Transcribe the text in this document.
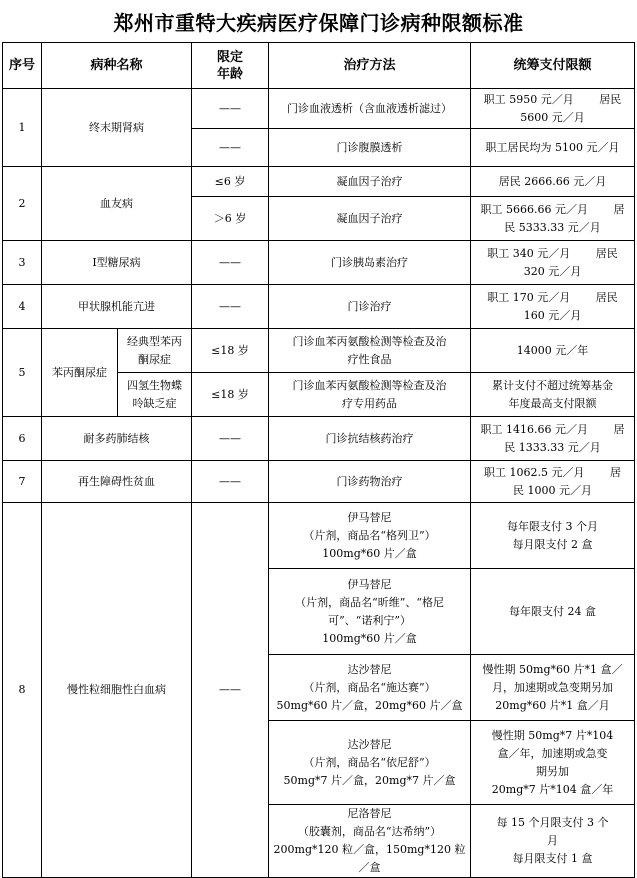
郑州市重特大疾病医疗保障门诊病种限额标准
序号	病种名称		限定
年龄	治疗方法	统筹支付限额
1	终末期肾病		——	门诊血液透析（含血液透析滤过）	职工 5950 元／月　　 居民
5600 元／月
			——	门诊腹膜透析	职工居民均为 5100 元／月
2	血友病		≤6 岁	凝血因子治疗	居民 2666.66 元／月
			＞6 岁	凝血因子治疗	职工 5666.66 元／月　　 居
民 5333.33 元／月
3	Ⅰ型糖尿病		——	门诊胰岛素治疗	职工 340 元／月　　 居民
320 元／月
4	甲状腺机能亢进		——	门诊治疗	职工 170 元／月　　 居民
160 元／月
5	苯丙酮尿症	经典型苯丙
酮尿症	≤18 岁	门诊血苯丙氨酸检测等检查及治
疗性食品	14000 元／年
		四氢生物蝶
呤缺乏症	≤18 岁	门诊血苯丙氨酸检测等检查及治
疗专用药品	累计支付不超过统筹基金
年度最高支付限额
6	耐多药肺结核		——	门诊抗结核药治疗	职工 1416.66 元／月　　 居
民 1333.33 元／月
7	再生障碍性贫血		——	门诊药物治疗	职工 1062.5 元／月　　 居
民 1000 元／月
8	慢性粒细胞性白血病		——	伊马替尼
（片剂，商品名“格列卫”）
100mg*60 片／盒	每年限支付 3 个月
每月限支付 2 盒
				伊马替尼
（片剂，商品名“昕维”、“格尼
可”、“诺利宁”）
100mg*60 片／盒	每年限支付 24 盒
				达沙替尼
（片剂，商品名“施达赛”）
50mg*60 片／盒，20mg*60 片／盒	慢性期 50mg*60 片*1 盒／
月，加速期或急变期另加
20mg*60 片*1 盒／月
				达沙替尼
（片剂，商品名“依尼舒”）
50mg*7 片／盒，20mg*7 片／盒	慢性期 50mg*7 片*104
盒／年，加速期或急变
期另加
20mg*7 片*104 盒／年
				尼洛替尼
（胶囊剂，商品名“达希纳”）
200mg*120 粒／盒，150mg*120 粒／盒	每 15 个月限支付 3 个
月
每月限支付 1 盒
